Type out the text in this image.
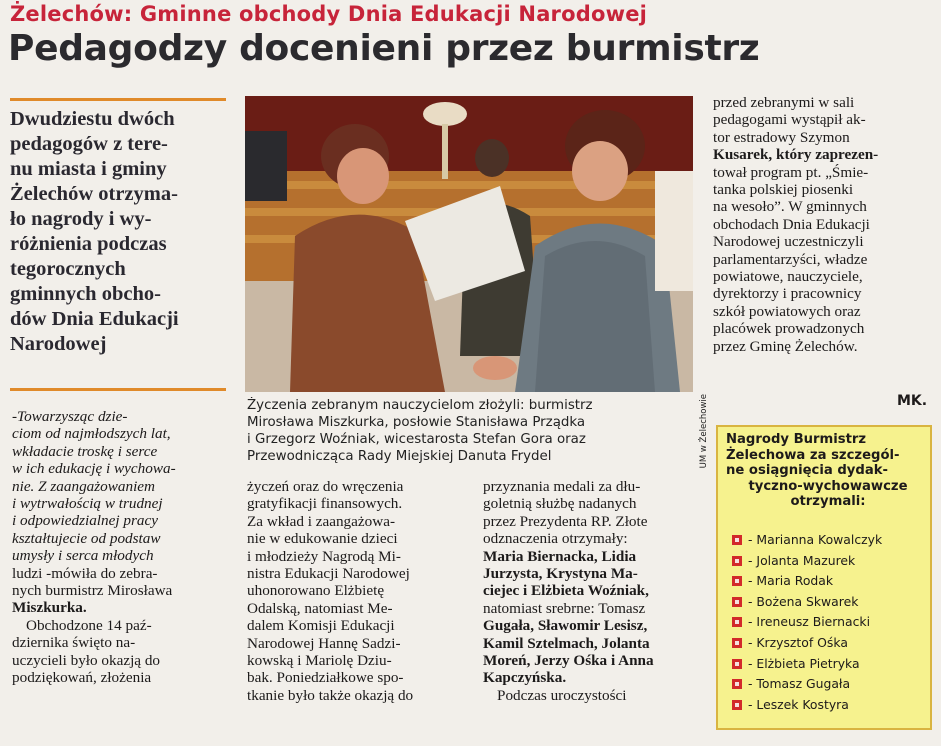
Żelechów: Gminne obchody Dnia Edukacji Narodowej
Pedagodzy docenieni przez burmistrz
Dwudziestu dwóch
pedagogów z tere-
nu miasta i gminy
Żelechów otrzyma-
ło nagrody i wy-
różnienia podczas
tegorocznych
gminnych obcho-
dów Dnia Edukacji
Narodowej
UM w Żelechowie
Życzenia zebranym nauczycielom złożyli: burmistrz
Mirosława Miszkurka, posłowie Stanisława Prządka
i Grzegorz Woźniak, wicestarosta Stefan Gora oraz
Przewodnicząca Rady Miejskiej Danuta Frydel
-Towarzysząc dzie-
ciom od najmłodszych lat,
wkładacie troskę i serce
w ich edukację i wychowa-
nie. Z zaangażowaniem
i wytrwałością w trudnej
i odpowiedzialnej pracy
kształtujecie od podstaw
umysły i serca młodych
ludzi -mówiła do zebra-
nych burmistrz Mirosława
Miszkurka.
Obchodzone 14 paź-
dziernika święto na-
uczycieli było okazją do
podziękowań, złożenia
życzeń oraz do wręczenia
gratyfikacji finansowych.
Za wkład i zaangażowa-
nie w edukowanie dzieci
i młodzieży Nagrodą Mi-
nistra Edukacji Narodowej
uhonorowano Elżbietę
Odalską, natomiast Me-
dalem Komisji Edukacji
Narodowej Hannę Sadzi-
kowską i Mariolę Dziu-
bak. Poniedziałkowe spo-
tkanie było także okazją do
przyznania medali za dłu-
goletnią służbę nadanych
przez Prezydenta RP. Złote
odznaczenia otrzymały:
Maria Biernacka, Lidia
Jurzysta, Krystyna Ma-
ciejec i Elżbieta Woźniak,
natomiast srebrne: Tomasz
Gugała, Sławomir Lesisz,
Kamil Sztelmach, Jolanta
Moreń, Jerzy Ośka i Anna
Kapczyńska.
Podczas uroczystości
przed zebranymi w sali
pedagogami wystąpił ak-
tor estradowy Szymon
Kusarek, który zaprezen-
tował program pt. „Śmie-
tanka polskiej piosenki
na wesoło”. W gminnych
obchodach Dnia Edukacji
Narodowej uczestniczyli
parlamentarzyści, władze
powiatowe, nauczyciele,
dyrektorzy i pracownicy
szkół powiatowych oraz
placówek prowadzonych
przez Gminę Żelechów.
MK.
Nagrody Burmistrz
Żelechowa za szczegól-
ne osiągnięcia dydak-
tyczno-wychowawcze
otrzymali:
- Marianna Kowalczyk
- Jolanta Mazurek
- Maria Rodak
- Bożena Skwarek
- Ireneusz Biernacki
- Krzysztof Ośka
- Elżbieta Pietryka
- Tomasz Gugała
- Leszek Kostyra
